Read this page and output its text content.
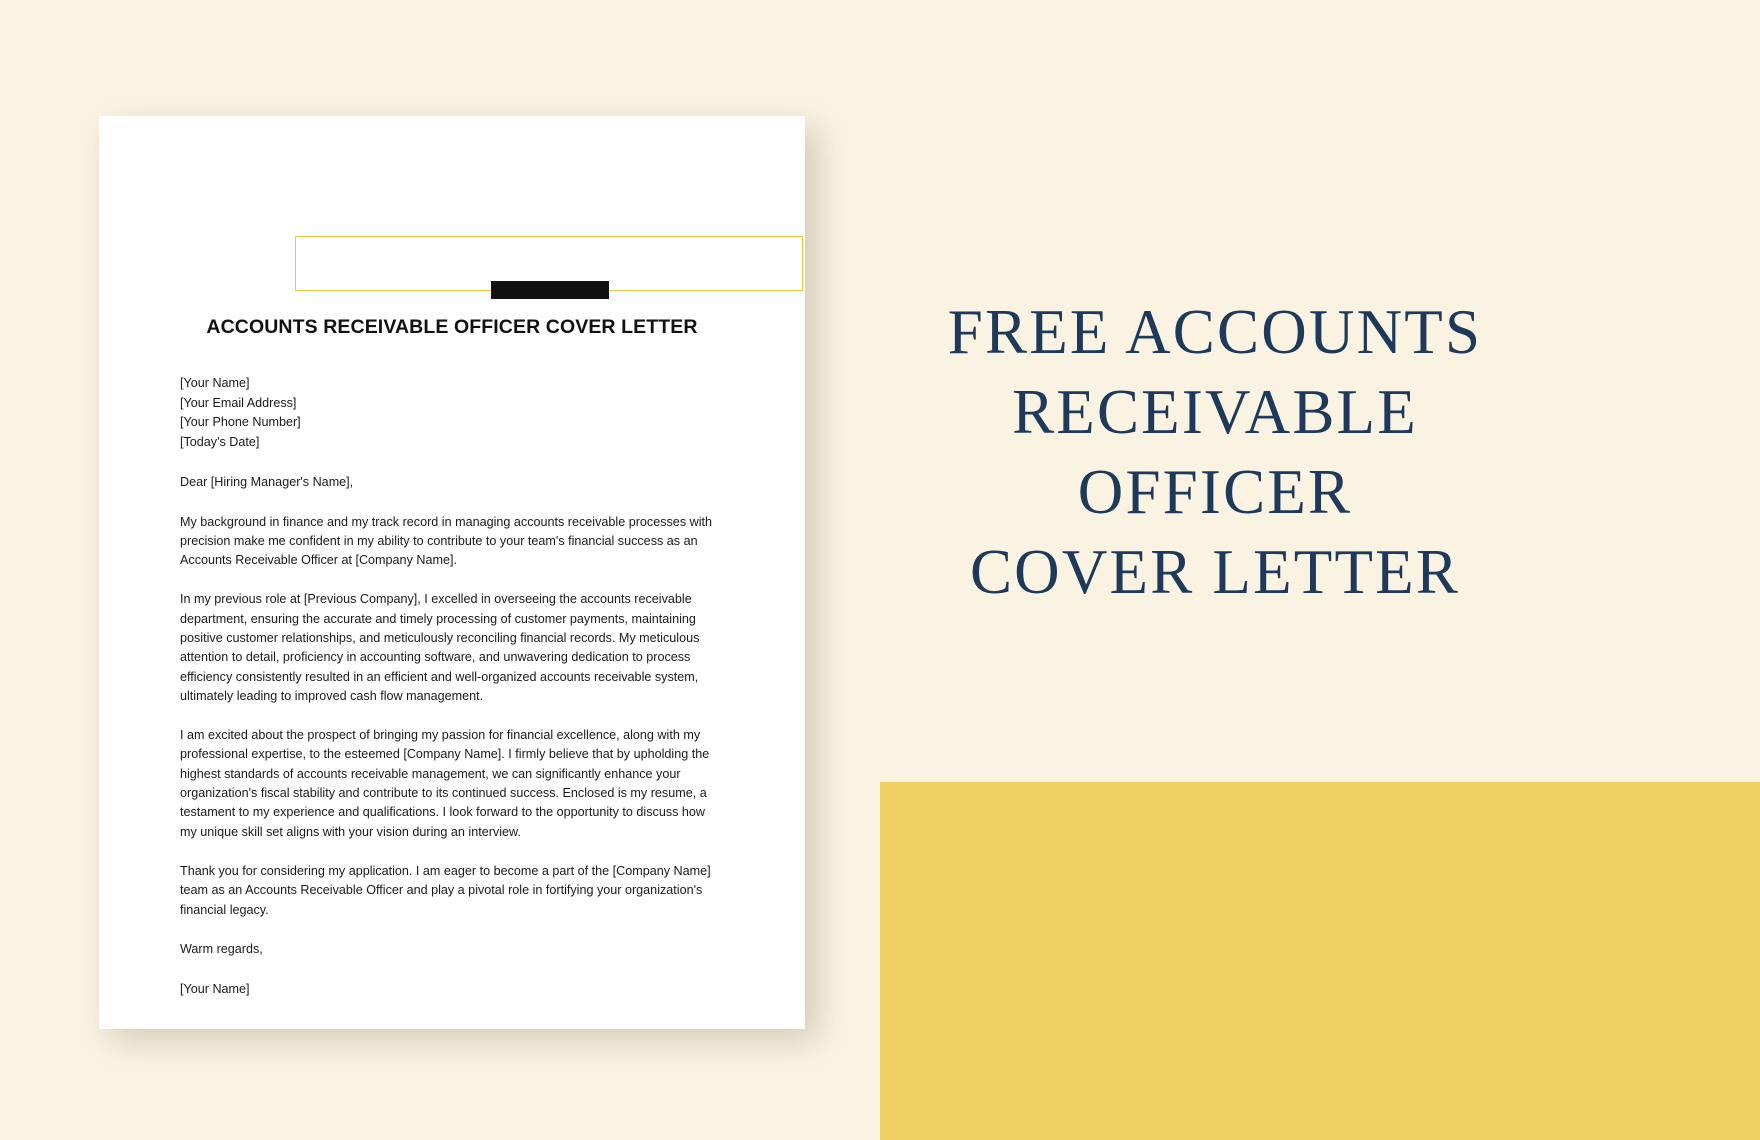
ACCOUNTS RECEIVABLE OFFICER COVER LETTER
[Your Name]
[Your Email Address]
[Your Phone Number]
[Today's Date]
Dear [Hiring Manager's Name],
My background in finance and my track record in managing accounts receivable processes with precision make me confident in my ability to contribute to your team's financial success as an Accounts Receivable Officer at [Company Name].
In my previous role at [Previous Company], I excelled in overseeing the accounts receivable department, ensuring the accurate and timely processing of customer payments, maintaining positive customer relationships, and meticulously reconciling financial records. My meticulous attention to detail, proficiency in accounting software, and unwavering dedication to process efficiency consistently resulted in an efficient and well-organized accounts receivable system, ultimately leading to improved cash flow management.
I am excited about the prospect of bringing my passion for financial excellence, along with my professional expertise, to the esteemed [Company Name]. I firmly believe that by upholding the highest standards of accounts receivable management, we can significantly enhance your organization's fiscal stability and contribute to its continued success. Enclosed is my resume, a testament to my experience and qualifications. I look forward to the opportunity to discuss how my unique skill set aligns with your vision during an interview.
Thank you for considering my application. I am eager to become a part of the [Company Name] team as an Accounts Receivable Officer and play a pivotal role in fortifying your organization's financial legacy.
Warm regards,
[Your Name]
FREE ACCOUNTS
RECEIVABLE
OFFICER
COVER LETTER
